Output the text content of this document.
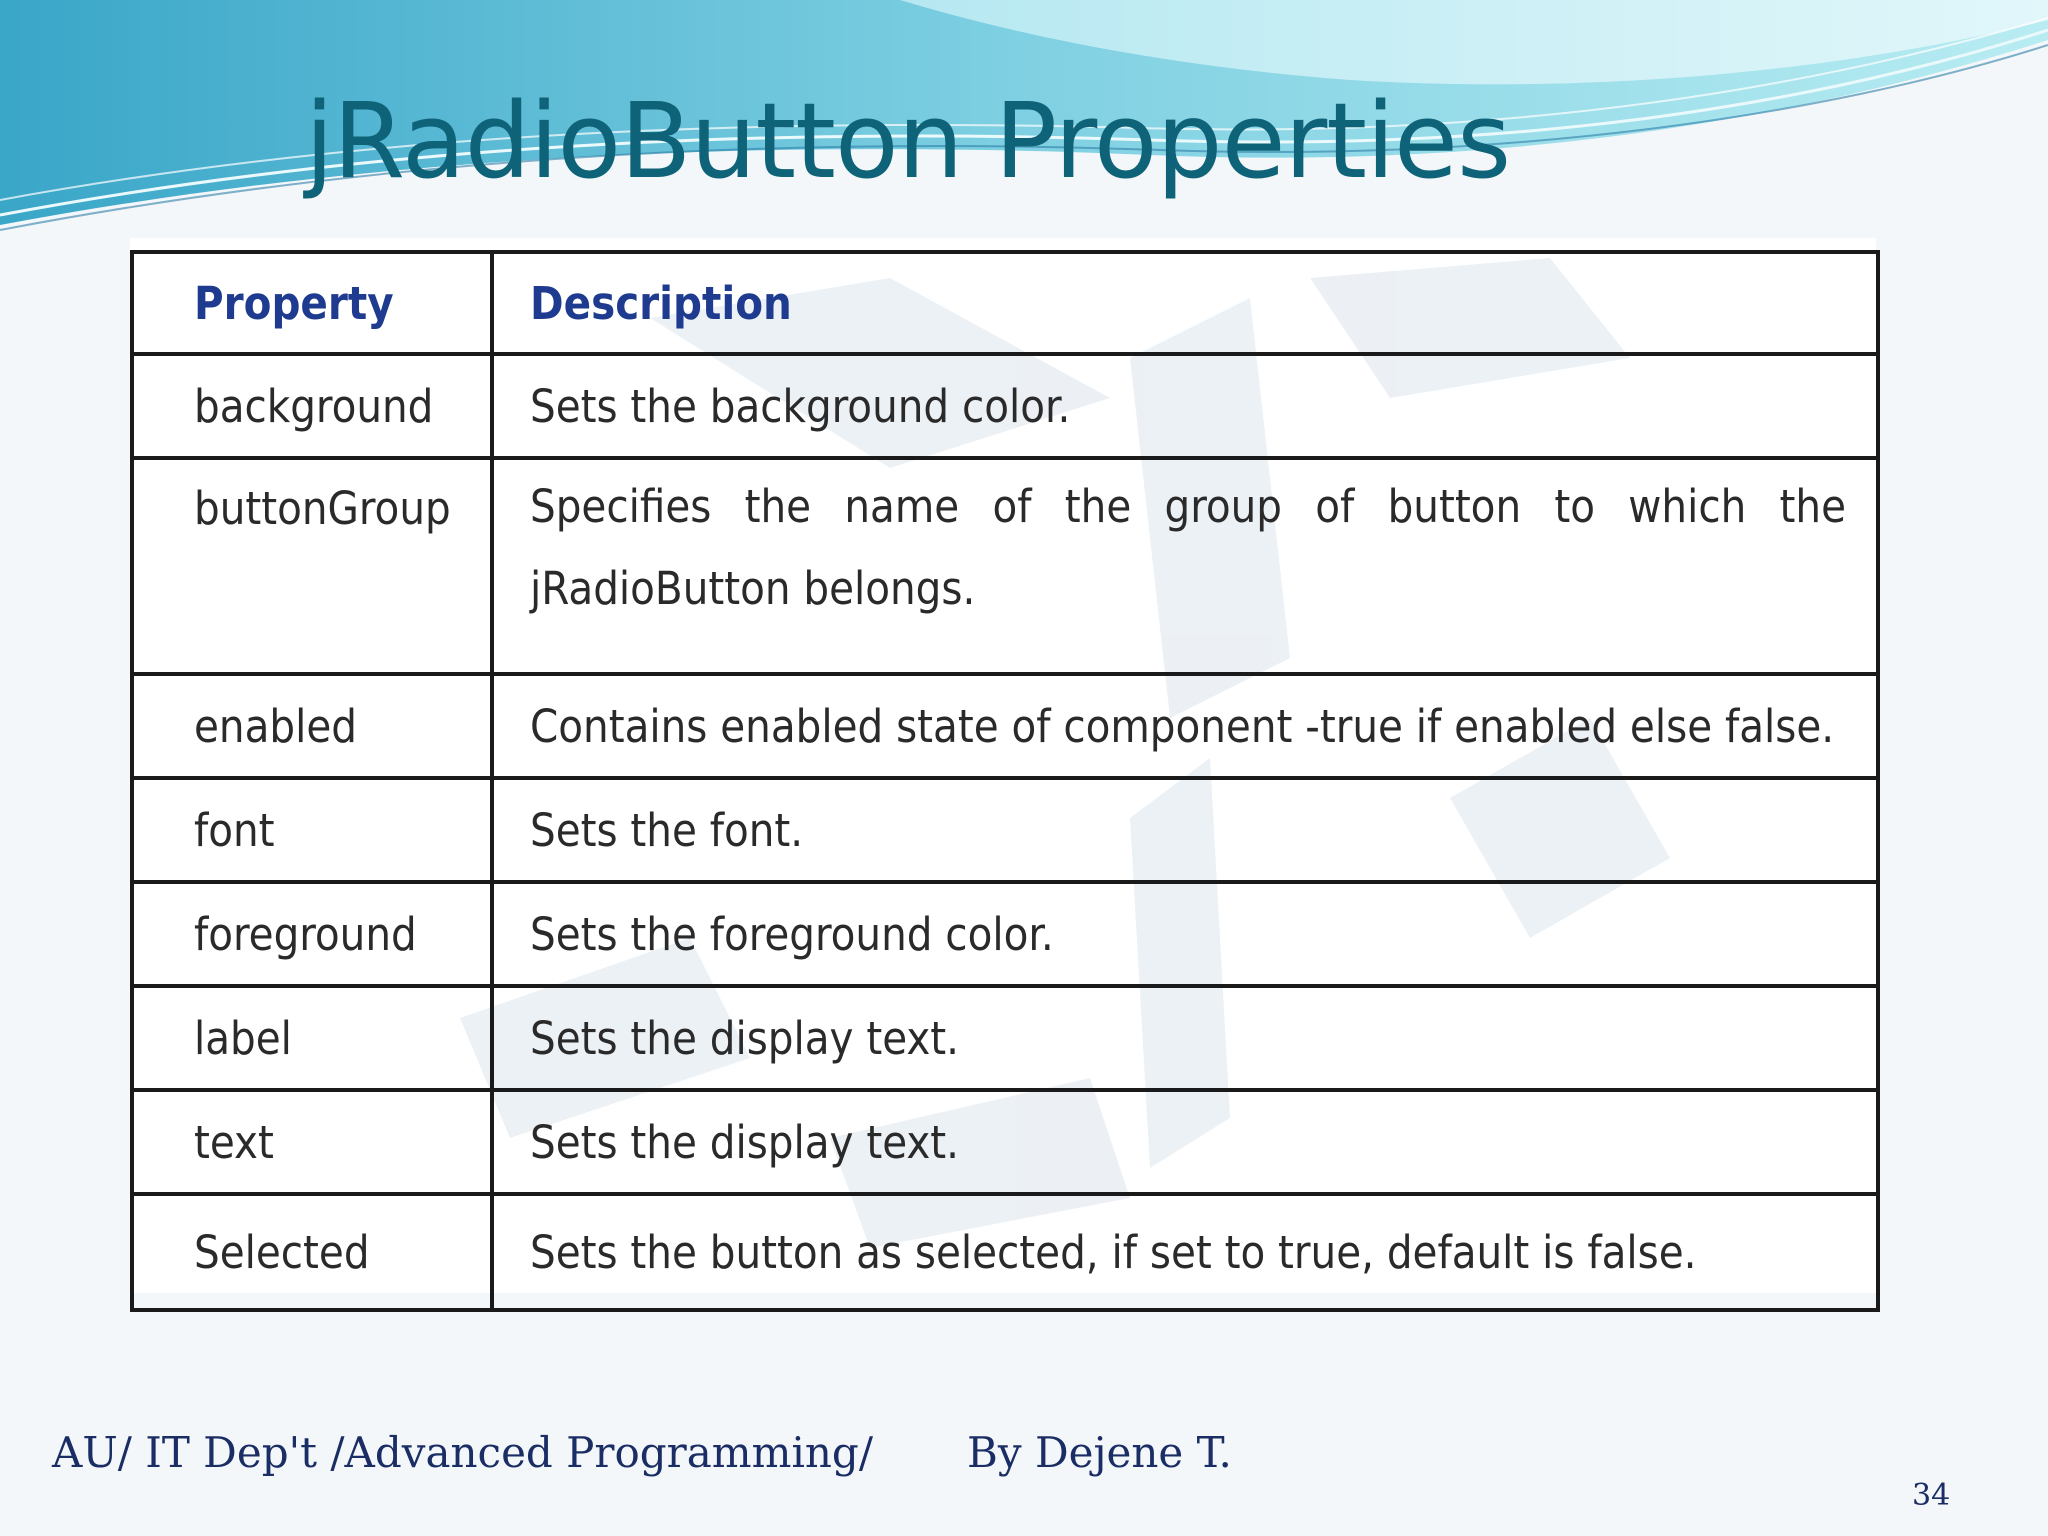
jRadioButton Properties
Property	Description
background	Sets the background color.
buttonGroup	Specifies the name of the group of button to which the jRadioButton belongs.
enabled	Contains enabled state of component -true if enabled else false.
font	Sets the font.
foreground	Sets the foreground color.
label	Sets the display text.
text	Sets the display text.
Selected	Sets the button as selected, if set to true, default is false.
AU/ IT Dep't /Advanced Programming/ By Dejene T.
34
